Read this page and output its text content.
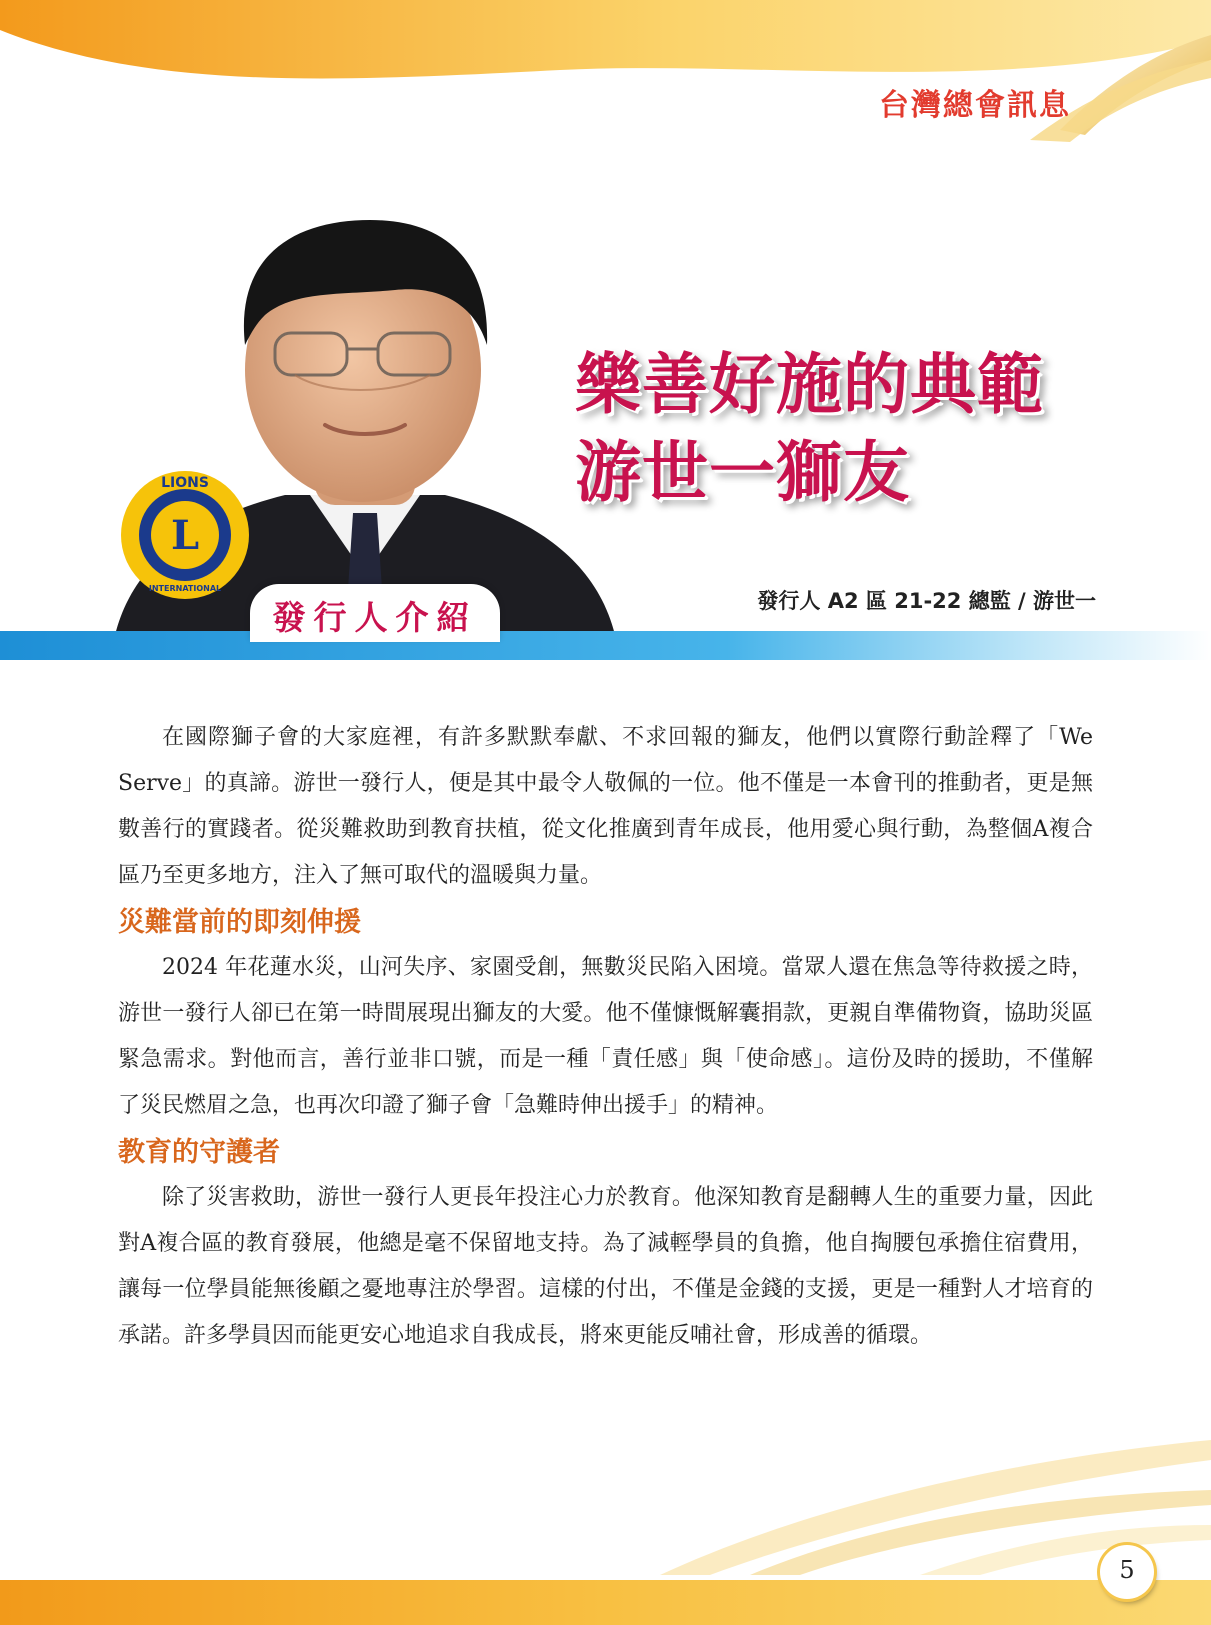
台灣總會訊息
L
LIONS
INTERNATIONAL
樂善好施的典範
游世一獅友
發行人 A2 區 21-22 總監 / 游世一
發行人介紹

在國際獅子會的大家庭裡，有許多默默奉獻、不求回報的獅友，他們以實際行動詮釋了「We Serve」的真諦。游世一發行人，便是其中最令人敬佩的一位。他不僅是一本會刊的推動者，更是無數善行的實踐者。從災難救助到教育扶植，從文化推廣到青年成長，他用愛心與行動，為整個A複合區乃至更多地方，注入了無可取代的溫暖與力量。

災難當前的即刻伸援

2024 年花蓮水災，山河失序、家園受創，無數災民陷入困境。當眾人還在焦急等待救援之時，游世一發行人卻已在第一時間展現出獅友的大愛。他不僅慷慨解囊捐款，更親自準備物資，協助災區緊急需求。對他而言，善行並非口號，而是一種「責任感」與「使命感」。這份及時的援助，不僅解了災民燃眉之急，也再次印證了獅子會「急難時伸出援手」的精神。

教育的守護者

除了災害救助，游世一發行人更長年投注心力於教育。他深知教育是翻轉人生的重要力量，因此對A複合區的教育發展，他總是毫不保留地支持。為了減輕學員的負擔，他自掏腰包承擔住宿費用，讓每一位學員能無後顧之憂地專注於學習。這樣的付出，不僅是金錢的支援，更是一種對人才培育的承諾。許多學員因而能更安心地追求自我成長，將來更能反哺社會，形成善的循環。

5
